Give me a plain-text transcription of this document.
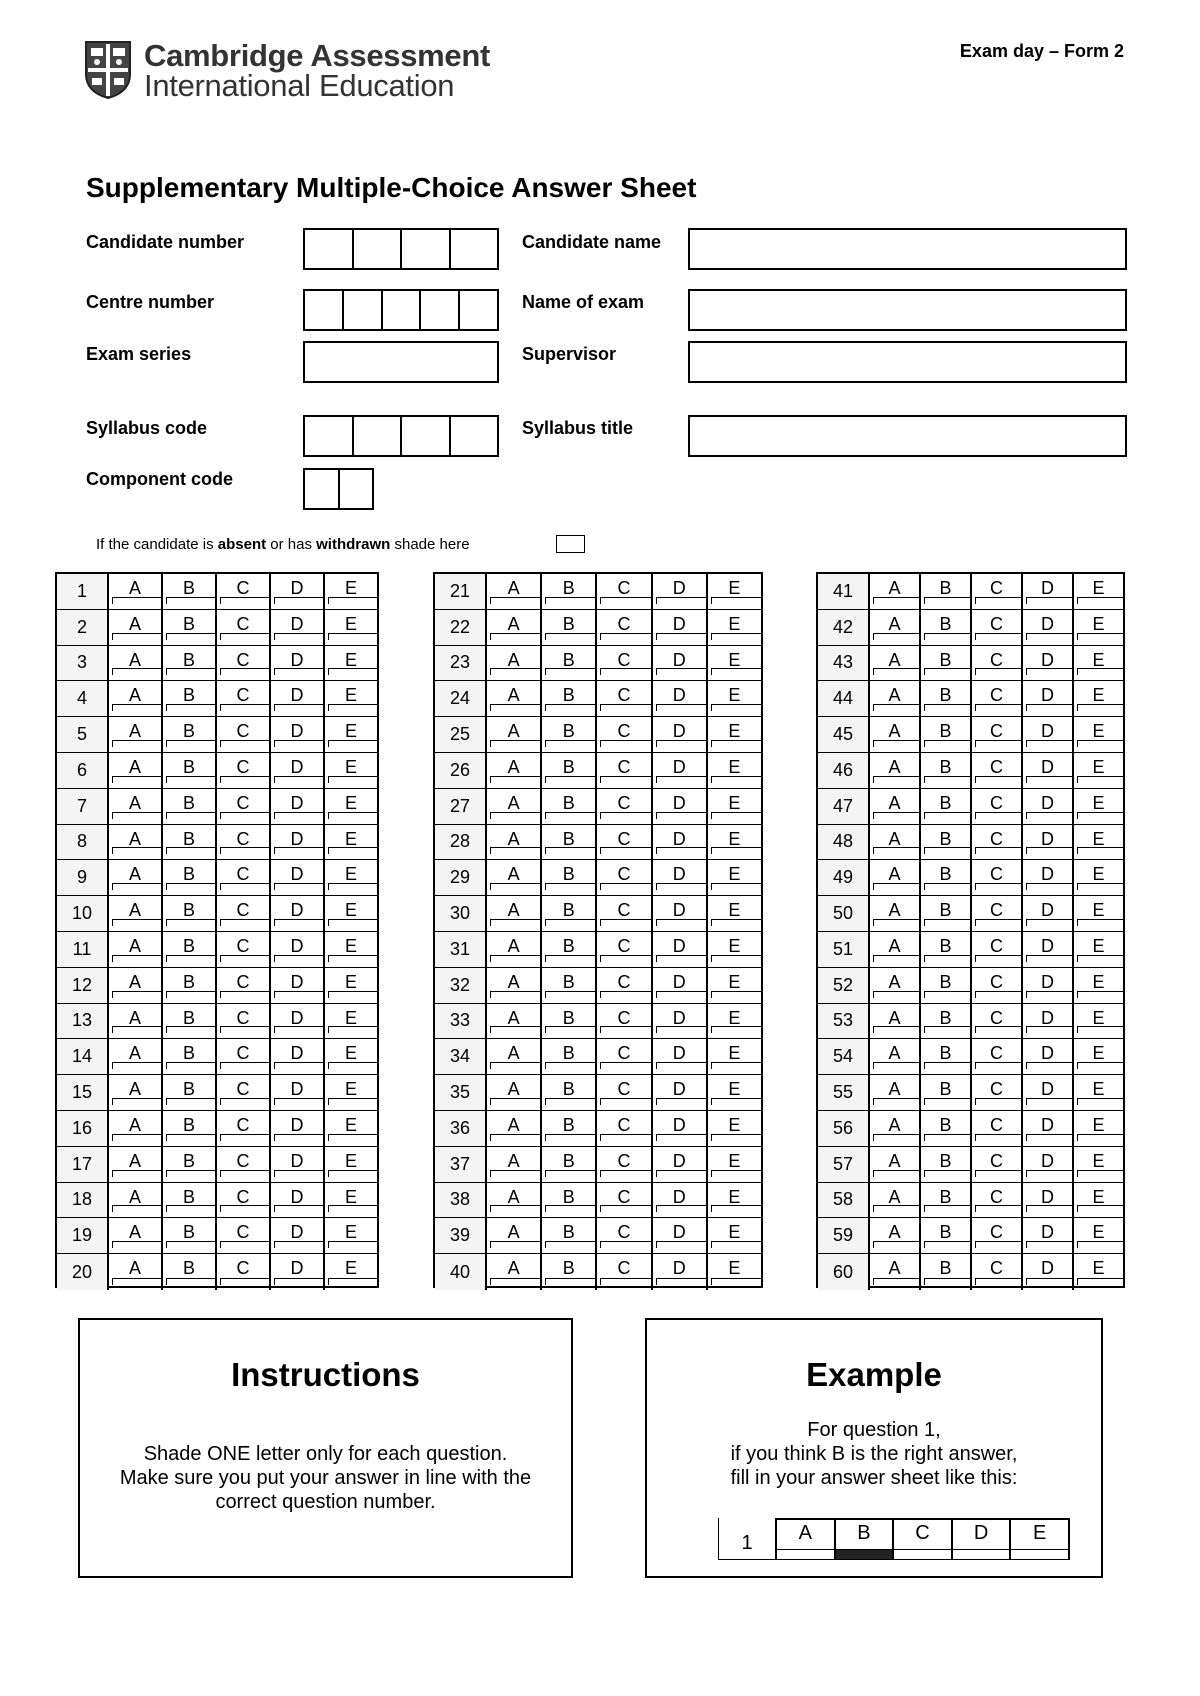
Cambridge Assessment
International Education
Exam day – Form 2
Supplementary Multiple-Choice Answer Sheet
Candidate number
Centre number
Exam series
Syllabus code
Component code
Candidate name
Name of exam
Supervisor
Syllabus title
If the candidate is absent or has withdrawn shade here
1	A	B	C	D	E
2	A	B	C	D	E
3	A	B	C	D	E
4	A	B	C	D	E
5	A	B	C	D	E
6	A	B	C	D	E
7	A	B	C	D	E
8	A	B	C	D	E
9	A	B	C	D	E
10	A	B	C	D	E
11	A	B	C	D	E
12	A	B	C	D	E
13	A	B	C	D	E
14	A	B	C	D	E
15	A	B	C	D	E
16	A	B	C	D	E
17	A	B	C	D	E
18	A	B	C	D	E
19	A	B	C	D	E
20	A	B	C	D	E
21	A	B	C	D	E
22	A	B	C	D	E
23	A	B	C	D	E
24	A	B	C	D	E
25	A	B	C	D	E
26	A	B	C	D	E
27	A	B	C	D	E
28	A	B	C	D	E
29	A	B	C	D	E
30	A	B	C	D	E
31	A	B	C	D	E
32	A	B	C	D	E
33	A	B	C	D	E
34	A	B	C	D	E
35	A	B	C	D	E
36	A	B	C	D	E
37	A	B	C	D	E
38	A	B	C	D	E
39	A	B	C	D	E
40	A	B	C	D	E
41	A	B	C	D	E
42	A	B	C	D	E
43	A	B	C	D	E
44	A	B	C	D	E
45	A	B	C	D	E
46	A	B	C	D	E
47	A	B	C	D	E
48	A	B	C	D	E
49	A	B	C	D	E
50	A	B	C	D	E
51	A	B	C	D	E
52	A	B	C	D	E
53	A	B	C	D	E
54	A	B	C	D	E
55	A	B	C	D	E
56	A	B	C	D	E
57	A	B	C	D	E
58	A	B	C	D	E
59	A	B	C	D	E
60	A	B	C	D	E
Instructions
Shade ONE letter only for each question.
Make sure you put your answer in line with the
correct question number.
Example
For question 1,
if you think B is the right answer,
fill in your answer sheet like this:
1	A	B	C	D	E
